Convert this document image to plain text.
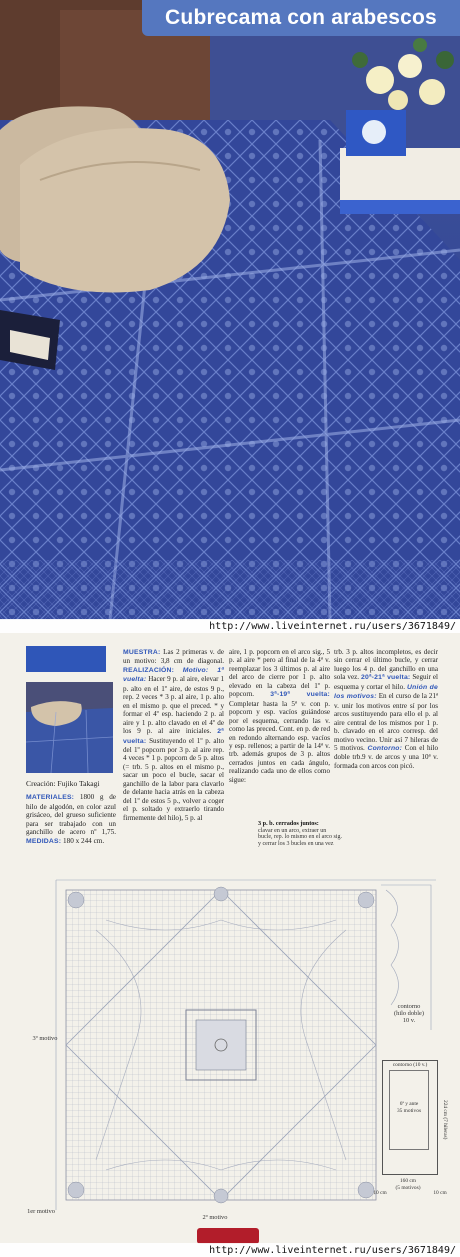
Cubrecama con arabescos
http://www.liveinternet.ru/users/3671849/
Creación: Fujiko Takagi
MATERIALES: 1800 g de hilo de algodón, en color azul grisáceo, del grueso suficiente para ser trabajado con un ganchillo de acero nº 1,75. MEDIDAS: 180 x 244 cm.
MUESTRA: Las 2 primeras v. de un motivo: 3,8 cm de diagonal. REALIZACIÓN: Motivo: 1ª vuelta: Hacer 9 p. al aire, elevar 1 p. alto en el 1º aire, de estos 9 p., rep. 2 veces * 3 p. al aire, 1 p. alto en el mismo p. que el preced. * y formar el 4º esp. haciendo 2 p. al aire y 1 p. alto clavado en el 4º de los 9 p. al aire iniciales. 2ª vuelta: Sustituyendo el 1º p. alto del 1º popcorn por 3 p. al aire rep. 4 veces * 1 p. popcorn de 5 p. altos (= trb. 5 p. altos en el mismo p., sacar un poco el bucle, sacar el ganchillo de la labor para clavarlo de delante hacia atrás en la cabeza del 1º de estos 5 p., volver a coger el p. soltado y extraerlo tirando firmemente del hilo), 5 p. al
aire, 1 p. popcorn en el arco sig., 5 p. al aire * pero al final de la 4ª v. reemplazar los 3 últimos p. al aire del arco de cierre por 1 p. alto elevado en la cabeza del 1º p. popcorn. 3ª-19ª vuelta: Completar hasta la 5ª v. con p. popcorn y esp. vacíos guiándose por el esquema, cerrando las v. como las preced. Cont. en p. de red en redondo alternando esp. vacíos y esp. rellenos; a partir de la 14ª v. trb. además grupos de 3 p. altos cerrados juntos en cada ángulo, realizando cada uno de ellos como sigue:
trb. 3 p. altos incompletos, es decir sin cerrar el último bucle, y cerrar luego los 4 p. del ganchillo en una sola vez. 20ª-21ª vuelta: Seguir el esquema y cortar el hilo. Unión de los motivos: En el curso de la 21ª v. unir los motivos entre sí por los arcos sustituyendo para ello el p. al aire central de los mismos por 1 p. b. clavado en el arco corresp. del motivo vecino. Unir así 7 hileras de 5 motivos. Contorno: Con el hilo doble trb.9 v. de arcos y una 10ª v. formada con arcos con picó.
3 p. b. cerrados juntos:
clavar en un arco, extraer un bucle, rep. lo mismo en el arco sig. y cerrar los 3 bucles en una vez
3º motivo
1er motivo
2º motivo
contorno
(hilo doble)
10 v.
contorno (10 v.)
6ª y ante
35 motivos	224 cm (7 hileras)
160 cm
(5 motivos)
10 cm	10 cm
http://www.liveinternet.ru/users/3671849/
